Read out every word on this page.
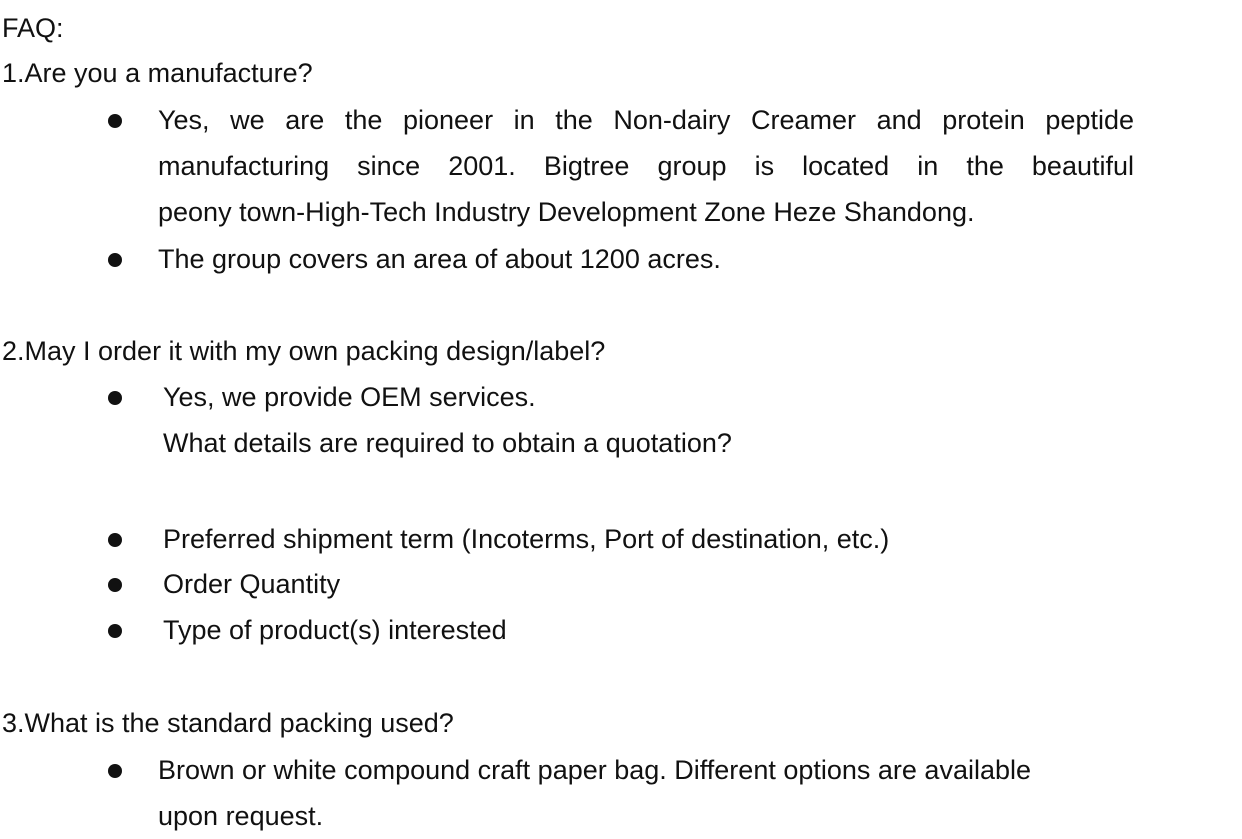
FAQ:
1.Are you a manufacture?
Yes, we are the pioneer in the Non-dairy Creamer and protein peptide
manufacturing since 2001. Bigtree group is located in the beautiful
peony town-High-Tech Industry Development Zone Heze Shandong.
The group covers an area of about 1200 acres.
2.May I order it with my own packing design/label?
Yes, we provide OEM services.
What details are required to obtain a quotation?
Preferred shipment term (Incoterms, Port of destination, etc.)
Order Quantity
Type of product(s) interested
3.What is the standard packing used?
Brown or white compound craft paper bag. Different options are available
upon request.
